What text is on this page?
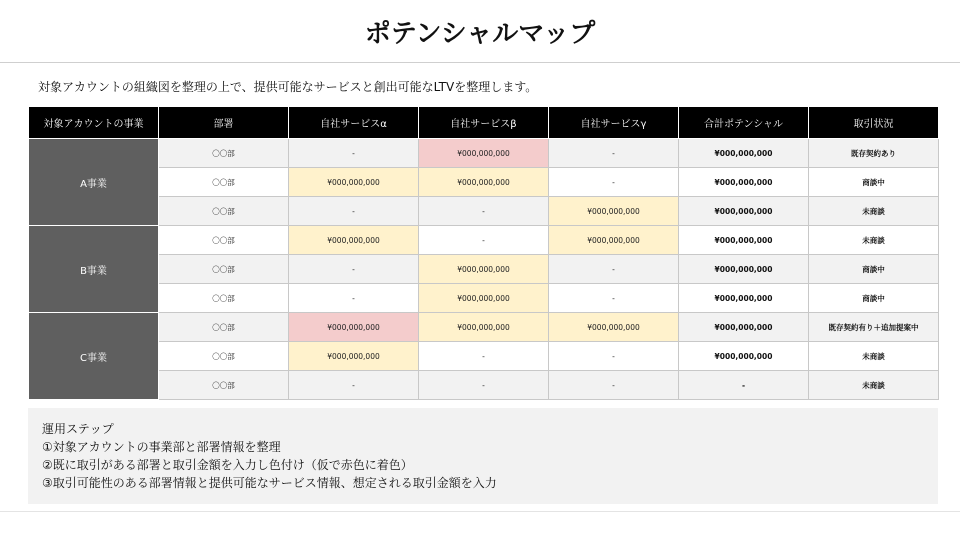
ポテンシャルマップ
対象アカウントの組織図を整理の上で、提供可能なサービスと創出可能なLTVを整理します。
対象アカウントの事業	部署	自社サービスα	自社サービスβ	自社サービスγ	合計ポテンシャル	取引状況
A事業	〇〇部	-	¥000,000,000	-	¥000,000,000	既存契約あり
	〇〇部	¥000,000,000	¥000,000,000	-	¥000,000,000	商談中
	〇〇部	-	-	¥000,000,000	¥000,000,000	未商談
B事業	〇〇部	¥000,000,000	-	¥000,000,000	¥000,000,000	未商談
	〇〇部	-	¥000,000,000	-	¥000,000,000	商談中
	〇〇部	-	¥000,000,000	-	¥000,000,000	商談中
C事業	〇〇部	¥000,000,000	¥000,000,000	¥000,000,000	¥000,000,000	既存契約有り＋追加提案中
	〇〇部	¥000,000,000	-	-	¥000,000,000	未商談
	〇〇部	-	-	-	-	未商談
運用ステップ
①対象アカウントの事業部と部署情報を整理
②既に取引がある部署と取引金額を入力し色付け（仮で赤色に着色）
③取引可能性のある部署情報と提供可能なサービス情報、想定される取引金額を入力
